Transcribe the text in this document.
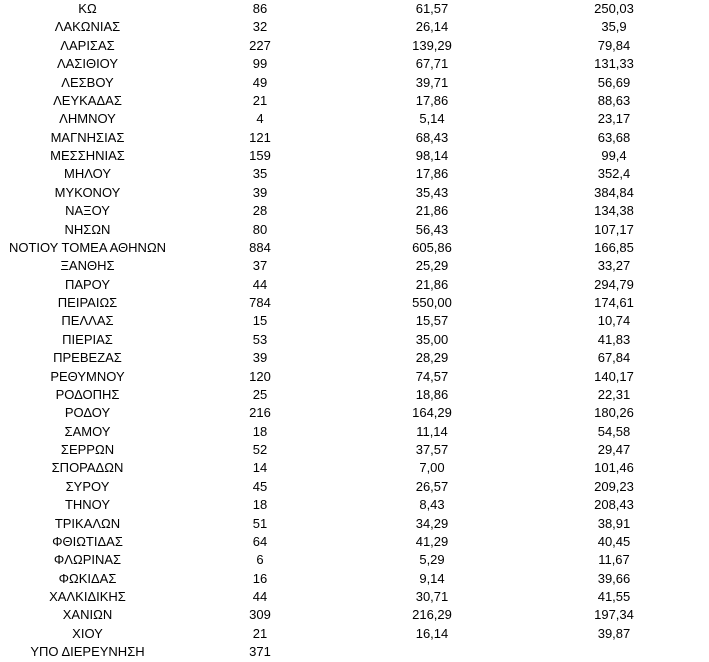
ΚΩ	86	61,57	250,03
ΛΑΚΩΝΙΑΣ	32	26,14	35,9
ΛΑΡΙΣΑΣ	227	139,29	79,84
ΛΑΣΙΘΙΟΥ	99	67,71	131,33
ΛΕΣΒΟΥ	49	39,71	56,69
ΛΕΥΚΑΔΑΣ	21	17,86	88,63
ΛΗΜΝΟΥ	4	5,14	23,17
ΜΑΓΝΗΣΙΑΣ	121	68,43	63,68
ΜΕΣΣΗΝΙΑΣ	159	98,14	99,4
ΜΗΛΟΥ	35	17,86	352,4
ΜΥΚΟΝΟΥ	39	35,43	384,84
ΝΑΞΟΥ	28	21,86	134,38
ΝΗΣΩΝ	80	56,43	107,17
ΝΟΤΙΟΥ ΤΟΜΕΑ ΑΘΗΝΩΝ	884	605,86	166,85
ΞΑΝΘΗΣ	37	25,29	33,27
ΠΑΡΟΥ	44	21,86	294,79
ΠΕΙΡΑΙΩΣ	784	550,00	174,61
ΠΕΛΛΑΣ	15	15,57	10,74
ΠΙΕΡΙΑΣ	53	35,00	41,83
ΠΡΕΒΕΖΑΣ	39	28,29	67,84
ΡΕΘΥΜΝΟΥ	120	74,57	140,17
ΡΟΔΟΠΗΣ	25	18,86	22,31
ΡΟΔΟΥ	216	164,29	180,26
ΣΑΜΟΥ	18	11,14	54,58
ΣΕΡΡΩΝ	52	37,57	29,47
ΣΠΟΡΑΔΩΝ	14	7,00	101,46
ΣΥΡΟΥ	45	26,57	209,23
ΤΗΝΟΥ	18	8,43	208,43
ΤΡΙΚΑΛΩΝ	51	34,29	38,91
ΦΘΙΩΤΙΔΑΣ	64	41,29	40,45
ΦΛΩΡΙΝΑΣ	6	5,29	11,67
ΦΩΚΙΔΑΣ	16	9,14	39,66
ΧΑΛΚΙΔΙΚΗΣ	44	30,71	41,55
ΧΑΝΙΩΝ	309	216,29	197,34
ΧΙΟΥ	21	16,14	39,87
ΥΠΟ ΔΙΕΡΕΥΝΗΣΗ	371
